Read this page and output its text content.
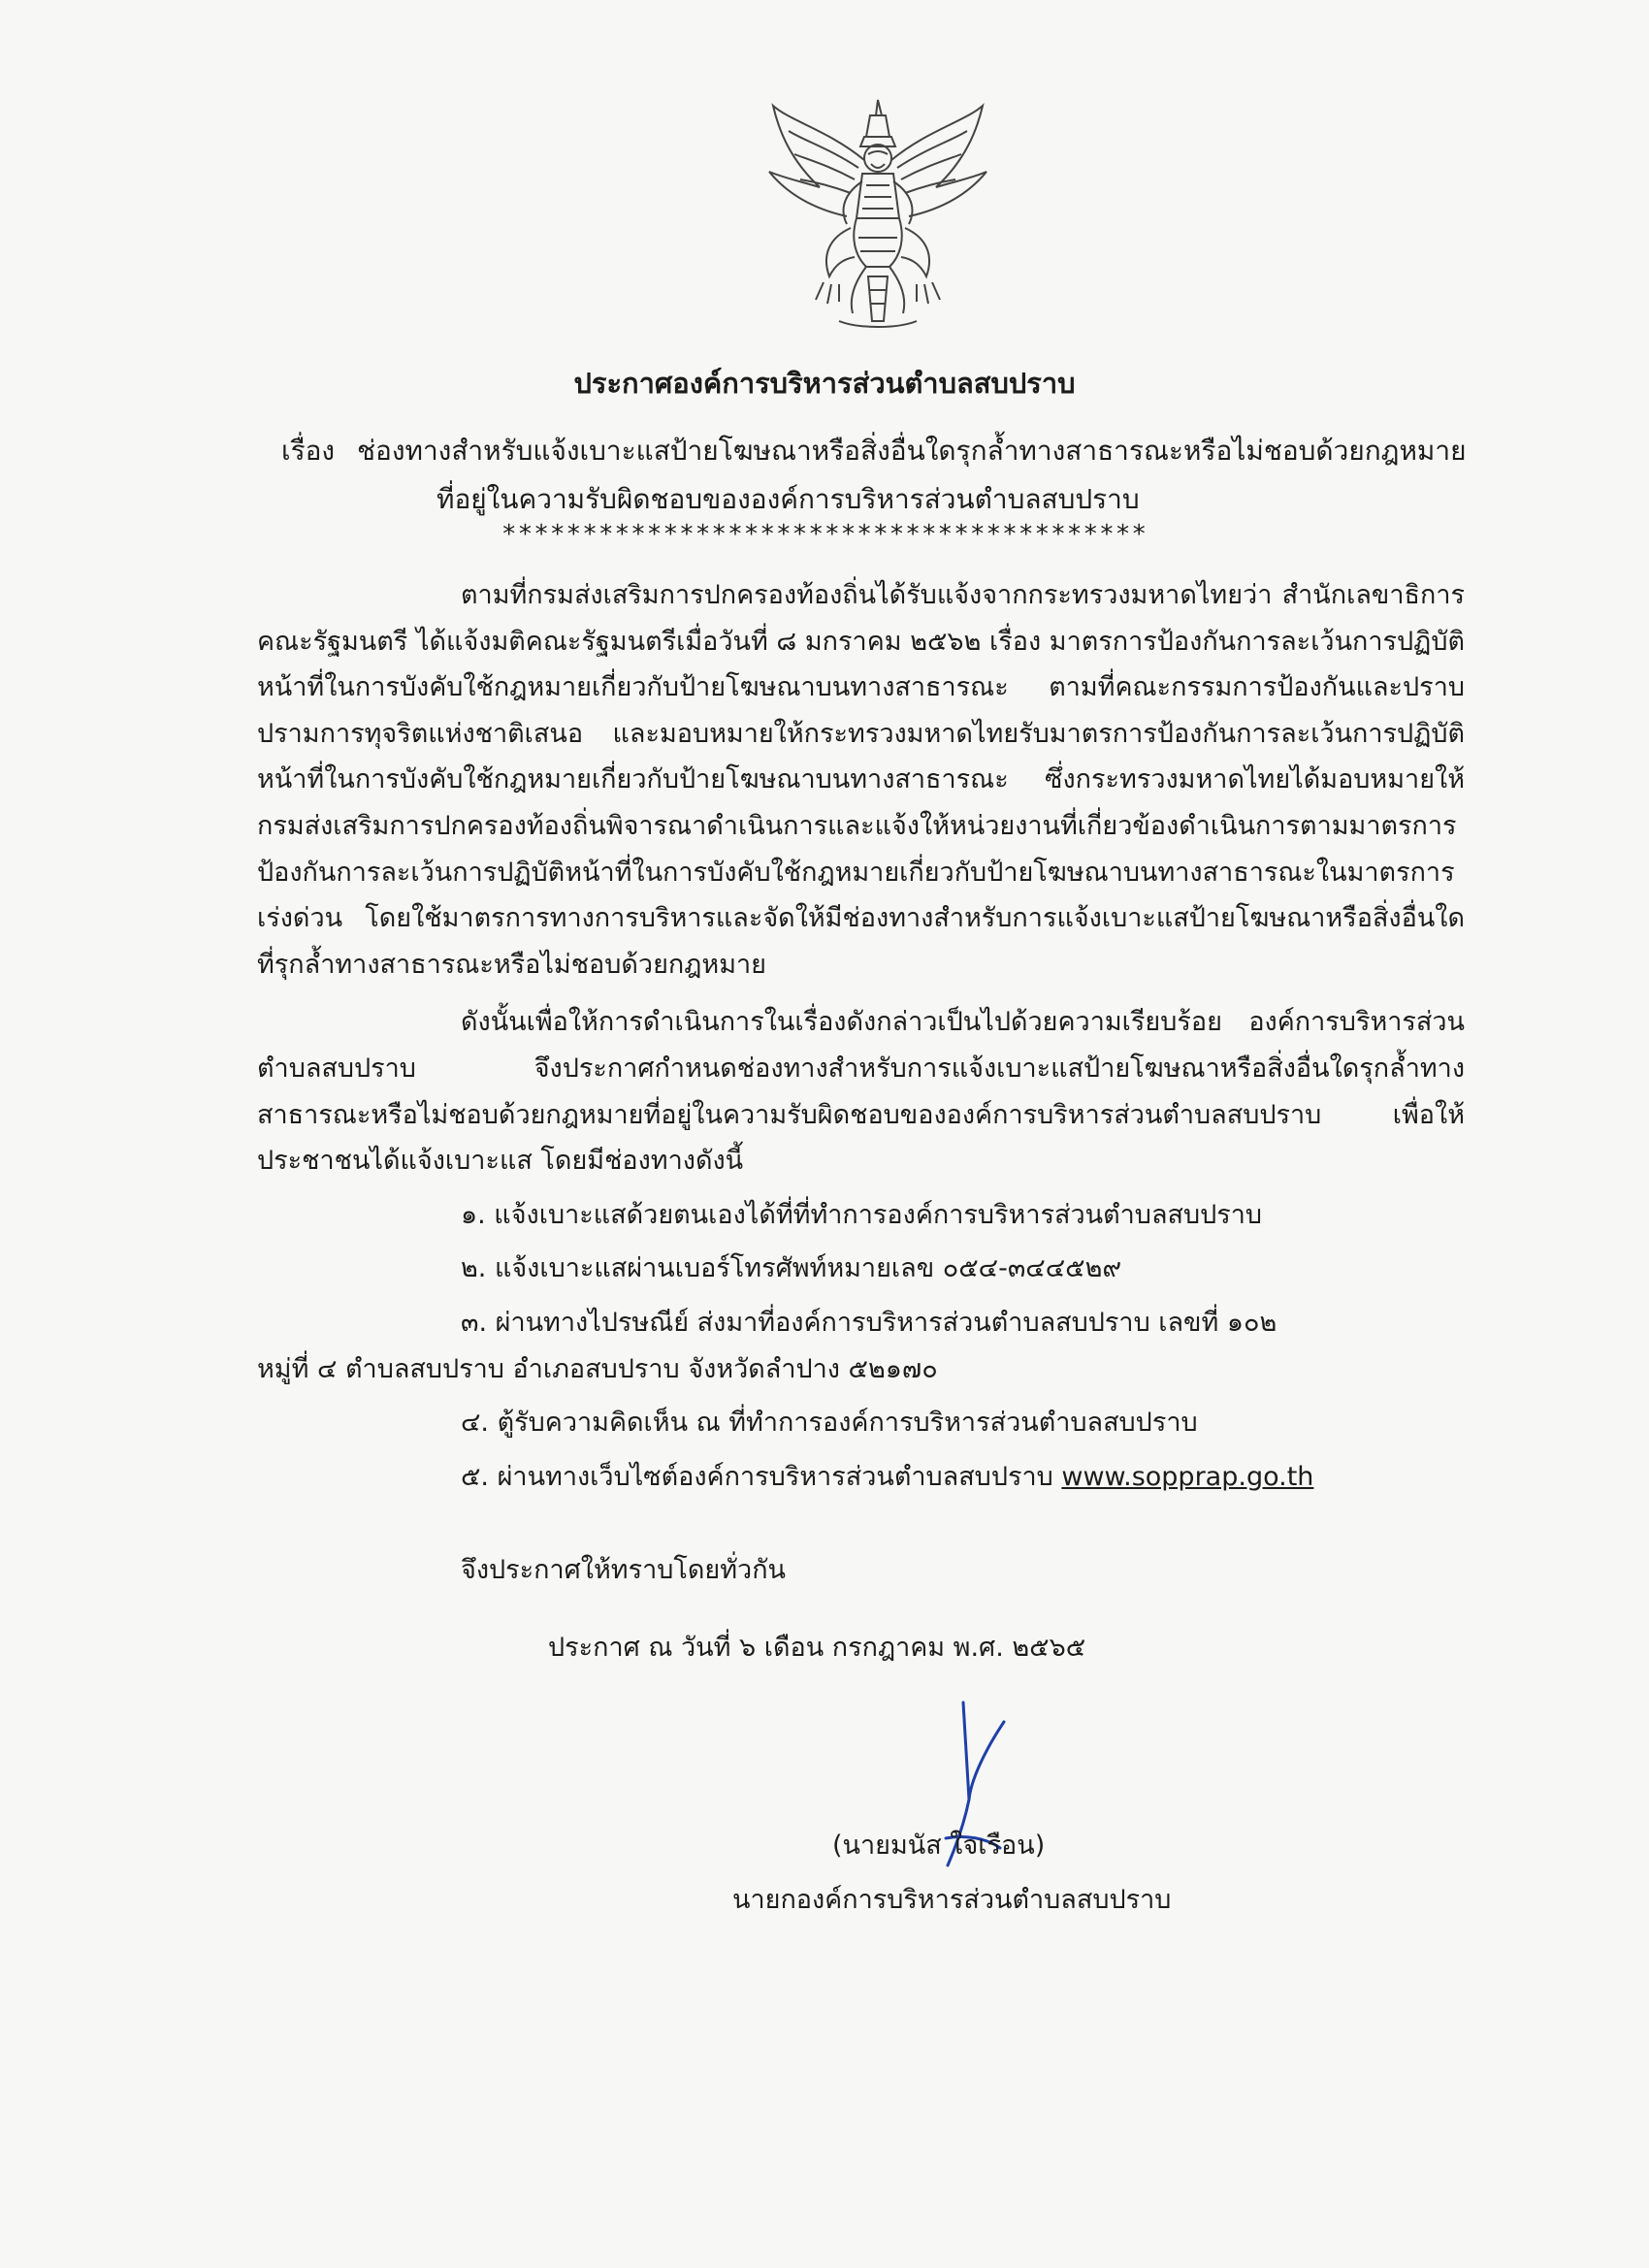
ประกาศองค์การบริหารส่วนตำบลสบปราบ
เรื่อง ช่องทางสำหรับแจ้งเบาะแสป้ายโฆษณาหรือสิ่งอื่นใดรุกล้ำทางสาธารณะหรือไม่ชอบด้วยกฎหมาย
ที่อยู่ในความรับผิดชอบขององค์การบริหารส่วนตำบลสบปราบ
****************************************

ตามที่กรมส่งเสริมการปกครองท้องถิ่นได้รับแจ้งจากกระทรวงมหาดไทยว่า สำนักเลขาธิการคณะรัฐมนตรี ได้แจ้งมติคณะรัฐมนตรีเมื่อวันที่ ๘ มกราคม ๒๕๖๒ เรื่อง มาตรการป้องกันการละเว้นการปฏิบัติหน้าที่ในการบังคับใช้กฎหมายเกี่ยวกับป้ายโฆษณาบนทางสาธารณะ ตามที่คณะกรรมการป้องกันและปราบปรามการทุจริตแห่งชาติเสนอ และมอบหมายให้กระทรวงมหาดไทยรับมาตรการป้องกันการละเว้นการปฏิบัติหน้าที่ในการบังคับใช้กฎหมายเกี่ยวกับป้ายโฆษณาบนทางสาธารณะ ซึ่งกระทรวงมหาดไทยได้มอบหมายให้กรมส่งเสริมการปกครองท้องถิ่นพิจารณาดำเนินการและแจ้งให้หน่วยงานที่เกี่ยวข้องดำเนินการตามมาตรการป้องกันการละเว้นการปฏิบัติหน้าที่ในการบังคับใช้กฎหมายเกี่ยวกับป้ายโฆษณาบนทางสาธารณะในมาตรการเร่งด่วน โดยใช้มาตรการทางการบริหารและจัดให้มีช่องทางสำหรับการแจ้งเบาะแสป้ายโฆษณาหรือสิ่งอื่นใดที่รุกล้ำทางสาธารณะหรือไม่ชอบด้วยกฎหมาย

ดังนั้นเพื่อให้การดำเนินการในเรื่องดังกล่าวเป็นไปด้วยความเรียบร้อย องค์การบริหารส่วนตำบลสบปราบ จึงประกาศกำหนดช่องทางสำหรับการแจ้งเบาะแสป้ายโฆษณาหรือสิ่งอื่นใดรุกล้ำทางสาธารณะหรือไม่ชอบด้วยกฎหมายที่อยู่ในความรับผิดชอบขององค์การบริหารส่วนตำบลสบปราบ เพื่อให้ประชาชนได้แจ้งเบาะแส โดยมีช่องทางดังนี้

๑. แจ้งเบาะแสด้วยตนเองได้ที่ที่ทำการองค์การบริหารส่วนตำบลสบปราบ

๒. แจ้งเบาะแสผ่านเบอร์โทรศัพท์หมายเลข ๐๕๔-๓๔๔๕๒๙

๓. ผ่านทางไปรษณีย์ ส่งมาที่องค์การบริหารส่วนตำบลสบปราบ เลขที่ ๑๐๒

หมู่ที่ ๔ ตำบลสบปราบ อำเภอสบปราบ จังหวัดลำปาง ๕๒๑๗๐

๔. ตู้รับความคิดเห็น ณ ที่ทำการองค์การบริหารส่วนตำบลสบปราบ

๕. ผ่านทางเว็บไซต์องค์การบริหารส่วนตำบลสบปราบ www.sopprap.go.th

จึงประกาศให้ทราบโดยทั่วกัน
ประกาศ ณ วันที่ ๖ เดือน กรกฎาคม พ.ศ. ๒๕๖๕
(นายมนัส ใจเรือน)
นายกองค์การบริหารส่วนตำบลสบปราบ
